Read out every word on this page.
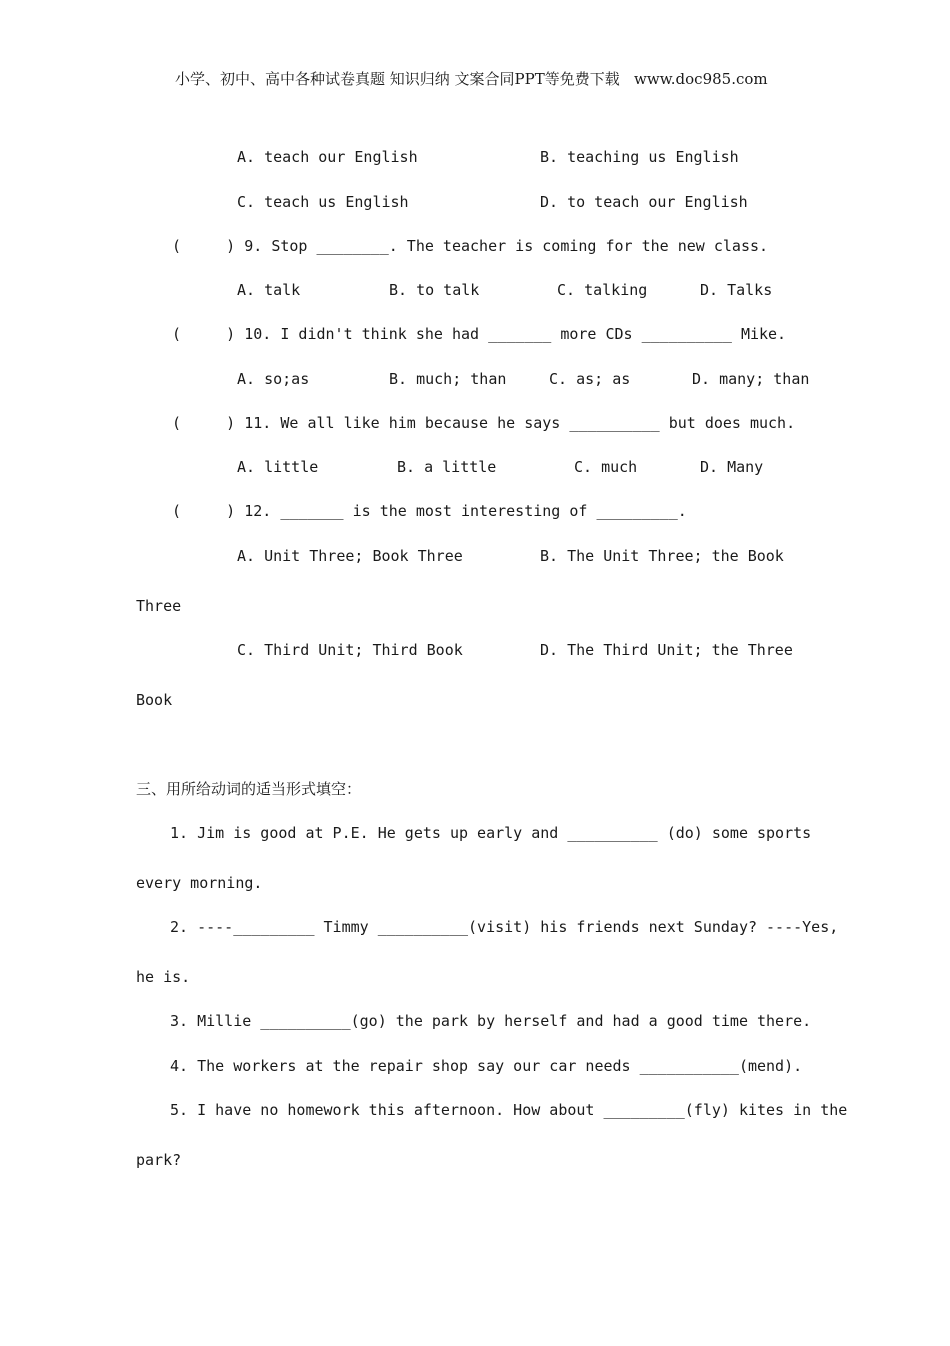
小学、初中、高中各种试卷真题 知识归纳 文案合同PPT等免费下载   www.doc985.com
A. teach our English	B. teaching us English
C. teach us English	D. to teach our English
(     ) 9. Stop ________. The teacher is coming for the new class.
A. talk	B. to talk	C. talking	D. Talks
(     ) 10. I didn't think she had _______ more CDs __________ Mike.
A. so;as	B. much; than	C. as; as	D. many; than
(     ) 11. We all like him because he says __________ but does much.
A. little	B. a little	C. much	D. Many
(     ) 12. _______ is the most interesting of _________.
A. Unit Three; Book Three	B. The Unit Three; the Book
Three
C. Third Unit; Third Book	D. The Third Unit; the Three
Book
三、用所给动词的适当形式填空：
1. Jim is good at P.E. He gets up early and __________ (do) some sports
every morning.
2. ----_________ Timmy __________(visit) his friends next Sunday? ----Yes,
he is.
3. Millie __________(go) the park by herself and had a good time there.
4. The workers at the repair shop say our car needs ___________(mend).
5. I have no homework this afternoon. How about _________(fly) kites in the
park?
